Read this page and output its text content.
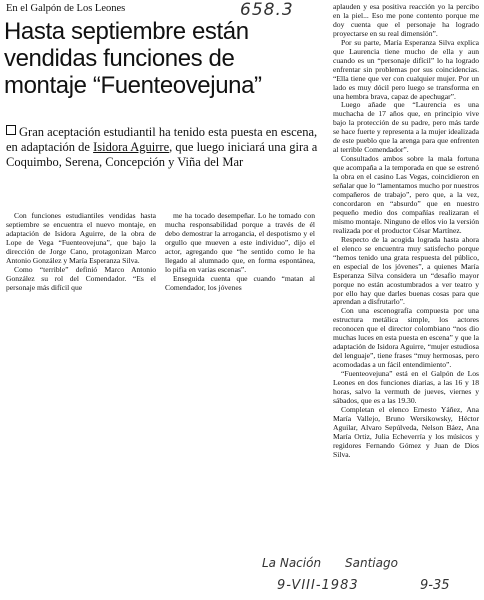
En el Galpón de Los Leones	658.3
Hasta septiembre están vendidas funciones de montaje “Fuenteovejuna”
Gran aceptación estudiantil ha tenido esta puesta en escena, en adaptación de Isidora Aguirre, que luego iniciará una gira a Coquimbo, Serena, Concepción y Viña del Mar

Con funciones estudiantiles vendidas hasta septiembre se encuentra el nuevo montaje, en adaptación de Isidora Aguirre, de la obra de Lope de Vega “Fuenteovejuna”, que bajo la dirección de Jorge Cano, protagonizan Marco Antonio González y María Esperanza Silva.

Como “terrible” definió Marco Antonio González su rol del Comendador. “Es el personaje más difícil que

me ha tocado desempeñar. Lo he tomado con mucha responsabilidad porque a través de él debo demostrar la arrogancia, el despotismo y el orgullo que mueven a este individuo”, dijo el actor, agregando que “he sentido como le ha llegado al alumnado que, en forma espontánea, lo pifia en varias escenas”.

Enseguida cuenta que cuando “matan al Comendador, los jóvenes

aplauden y esa positiva reacción yo la percibo en la piel... Eso me pone contento porque me doy cuenta que el personaje ha logrado proyectarse en su real dimensión”.

Por su parte, María Esperanza Silva explica que Laurencia tiene mucho de ella y aun cuando es un “personaje difícil” lo ha logrado enfrentar sin problemas por sus coincidencias. “Ella tiene que ver con cualquier mujer. Por un lado es muy dócil pero luego se transforma en una hembra brava, capaz de apechugar”.

Luego añade que “Laurencia es una muchacha de 17 años que, en principio vive bajo la protección de su padre, pero más tarde se hace fuerte y representa a la mujer idealizada de este pueblo que la arenga para que enfrenten al terrible Comendador”.

Consultados ambos sobre la mala fortuna que acompaña a la temporada en que se estrenó la obra en el casino Las Vegas, coincidieron en señalar que lo “lamentamos mucho por nuestros compañeros de trabajo”, pero que, a la vez, concordaron en “absurdo” que en nuestro pequeño medio dos compañías realizaran el mismo montaje. Ninguno de ellos vio la versión realizada por el productor César Martínez.

Respecto de la acogida lograda hasta ahora el elenco se encuentra muy satisfecho porque “hemos tenido una grata respuesta del público, en especial de los jóvenes”, a quienes María Esperanza Silva considera un “desafío mayor porque no están acostumbrados a ver teatro y por ello hay que darles buenas cosas para que aprendan a disfrutarlo”.

Con una escenografía compuesta por una estructura metálica simple, los actores reconocen que el director colombiano “nos dio muchas luces en esta puesta en escena” y que la adaptación de Isidora Aguirre, “mujer estudiosa del lenguaje”, tiene frases “muy hermosas, pero acomodadas a un fácil entendimiento”.

“Fuenteovejuna” está en el Galpón de Los Leones en dos funciones diarias, a las 16 y 18 horas, salvo la vermuth de jueves, viernes y sábados, que es a las 19.30.

Completan el elenco Ernesto Yáñez, Ana María Vallejo, Bruno Wersikowsky, Héctor Aguilar, Alvaro Sepúlveda, Nelson Báez, Ana María Ortiz, Julia Echeverría y los músicos y regidores Fernando Gómez y Juan de Dios Silva.

La Nación Santiago
9-VIII-1983	9-35
